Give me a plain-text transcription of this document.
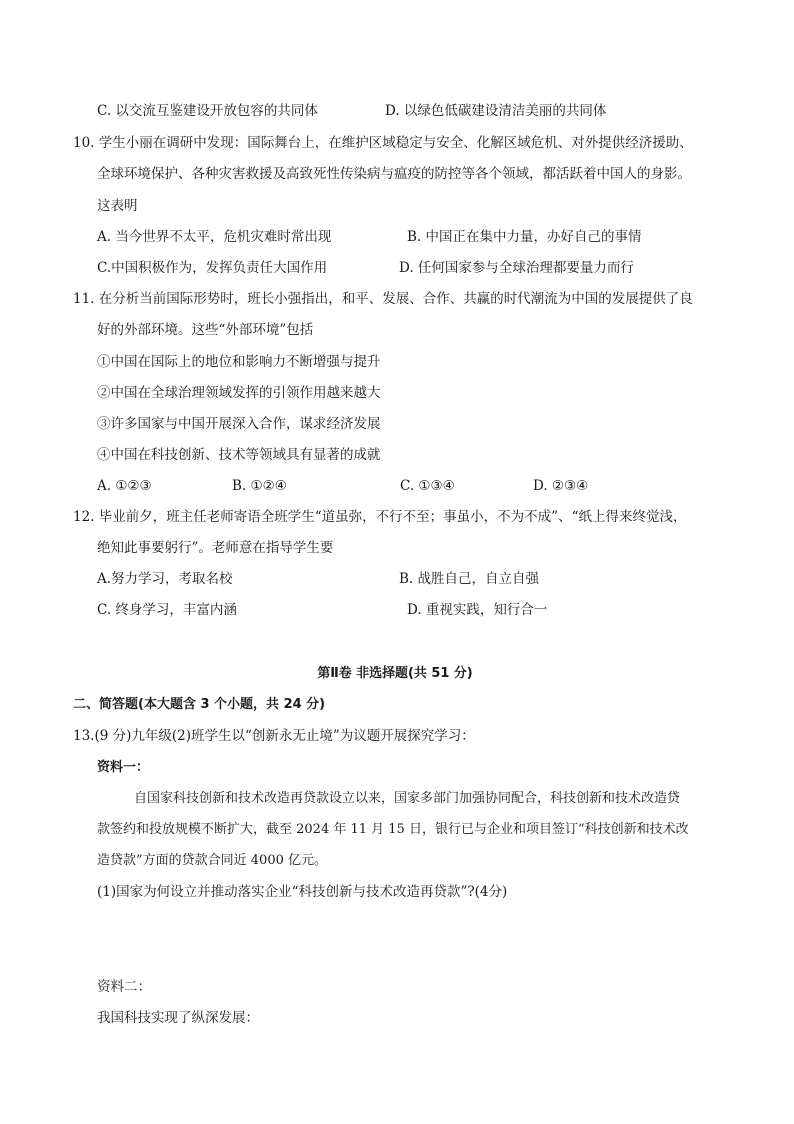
C. 以交流互鉴建设开放包容的共同体	D. 以绿色低碳建设清洁美丽的共同体
10. 学生小丽在调研中发现：国际舞台上，在维护区域稳定与安全、化解区域危机、对外提供经济援助、
全球环境保护、各种灾害救援及高致死性传染病与瘟疫的防控等各个领域，都活跃着中国人的身影。
这表明
A. 当今世界不太平，危机灾难时常出现	B. 中国正在集中力量，办好自己的事情
C.中国积极作为，发挥负责任大国作用	D. 任何国家参与全球治理都要量力而行
11. 在分析当前国际形势时，班长小强指出，和平、发展、合作、共赢的时代潮流为中国的发展提供了良
好的外部环境。这些“外部环境”包括
①中国在国际上的地位和影响力不断增强与提升
②中国在全球治理领域发挥的引领作用越来越大
③许多国家与中国开展深入合作，谋求经济发展
④中国在科技创新、技术等领域具有显著的成就
A. ①②③	B. ①②④	C. ①③④	D. ②③④
12. 毕业前夕，班主任老师寄语全班学生“道虽弥，不行不至；事虽小，不为不成”、“纸上得来终觉浅，
绝知此事要躬行”。老师意在指导学生要
A.努力学习，考取名校	B. 战胜自己，自立自强
C. 终身学习，丰富内涵	D. 重视实践，知行合一
第Ⅱ卷 非选择题(共 51 分)
二、简答题(本大题含 3 个小题，共 24 分)
13.(9 分)九年级(2)班学生以“创新永无止境”为议题开展探究学习：
资料一：
自国家科技创新和技术改造再贷款设立以来，国家多部门加强协同配合，科技创新和技术改造贷
款签约和投放规模不断扩大，截至 2024 年 11 月 15 日，银行已与企业和项目签订“科技创新和技术改
造贷款”方面的贷款合同近 4000 亿元。
(1)国家为何设立并推动落实企业“科技创新与技术改造再贷款”?(4分)
资料二：
我国科技实现了纵深发展：
